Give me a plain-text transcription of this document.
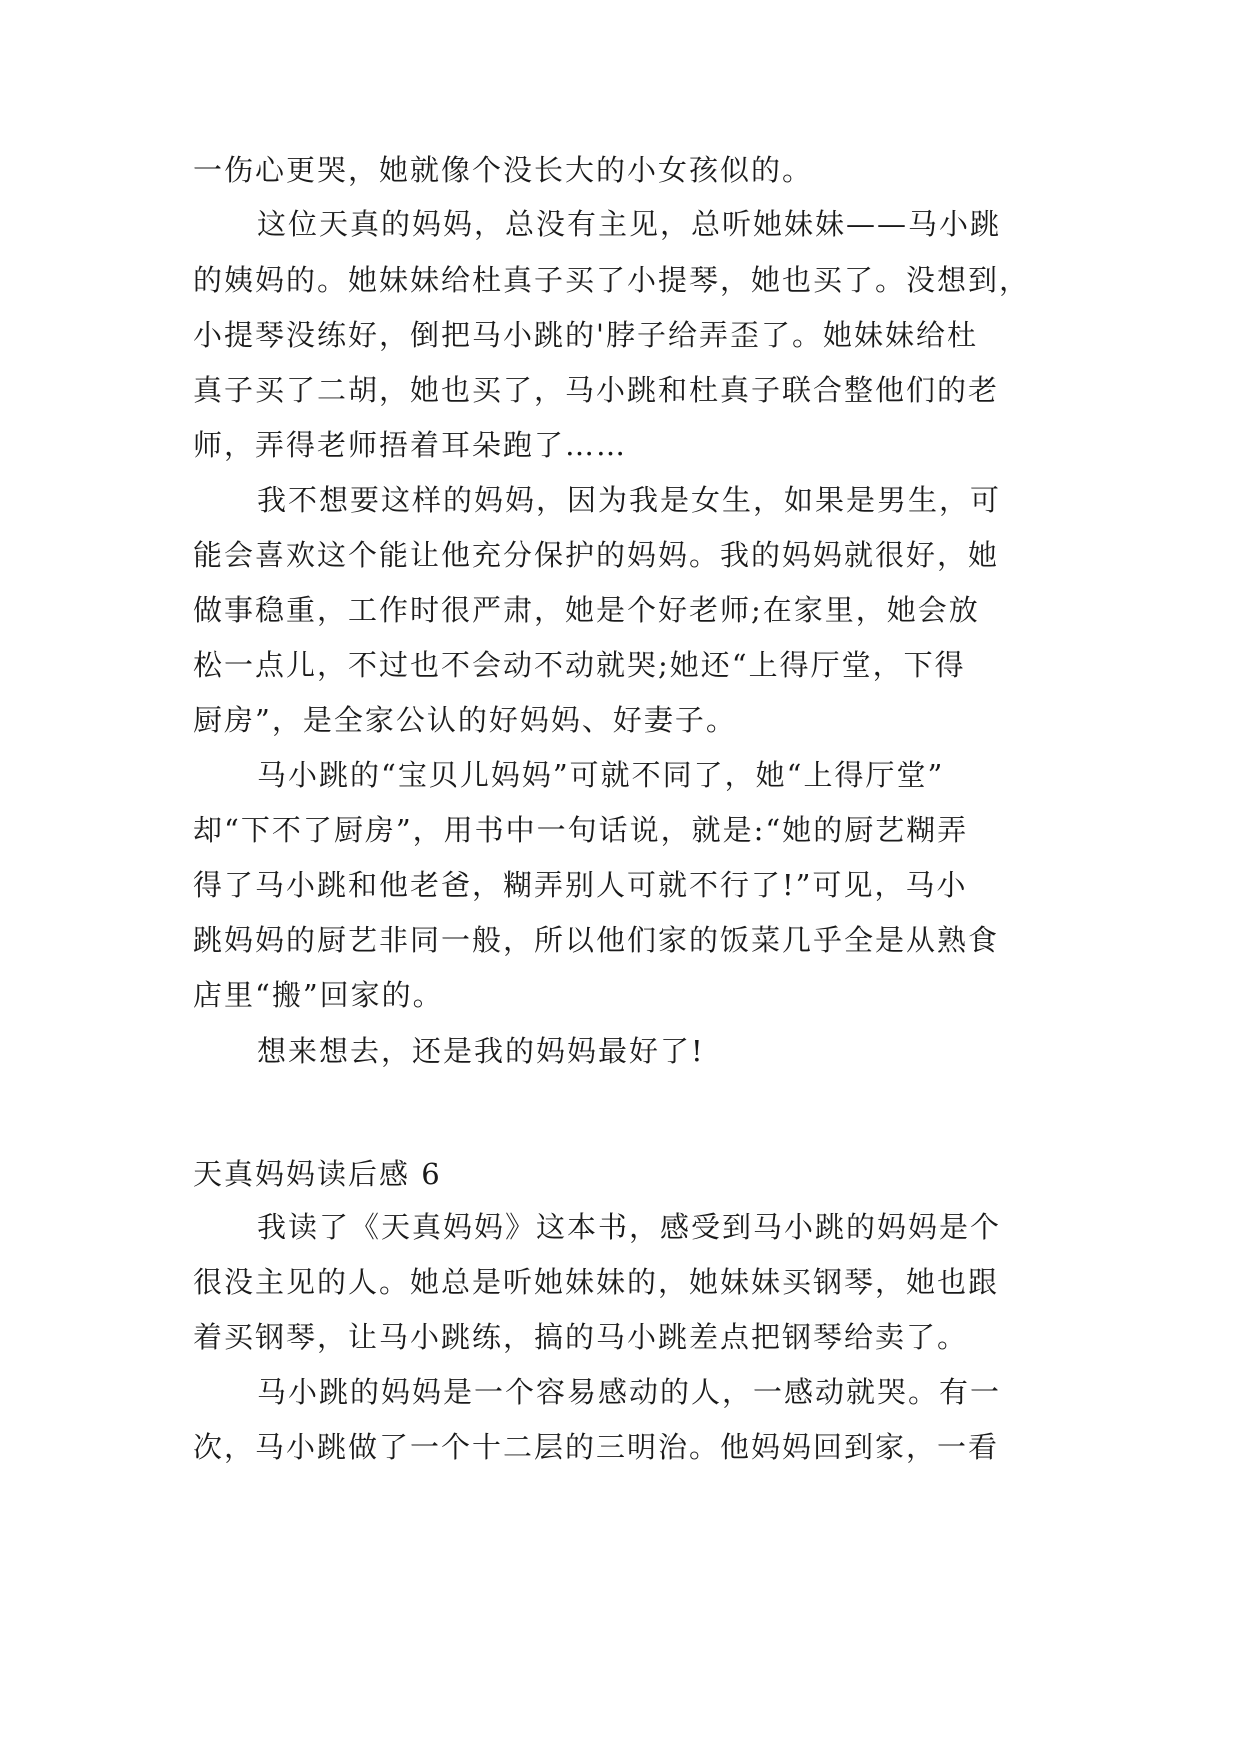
一伤心更哭，她就像个没长大的小女孩似的。
这位天真的妈妈，总没有主见，总听她妹妹——马小跳
的姨妈的。她妹妹给杜真子买了小提琴，她也买了。没想到，
小提琴没练好，倒把马小跳的'脖子给弄歪了。她妹妹给杜
真子买了二胡，她也买了，马小跳和杜真子联合整他们的老
师，弄得老师捂着耳朵跑了……
我不想要这样的妈妈，因为我是女生，如果是男生，可
能会喜欢这个能让他充分保护的妈妈。我的妈妈就很好，她
做事稳重，工作时很严肃，她是个好老师;在家里，她会放
松一点儿，不过也不会动不动就哭;她还“上得厅堂，下得
厨房”，是全家公认的好妈妈、好妻子。
马小跳的“宝贝儿妈妈”可就不同了，她“上得厅堂”
却“下不了厨房”，用书中一句话说，就是:“她的厨艺糊弄
得了马小跳和他老爸，糊弄别人可就不行了!”可见，马小
跳妈妈的厨艺非同一般，所以他们家的饭菜几乎全是从熟食
店里“搬”回家的。
想来想去，还是我的妈妈最好了!
天真妈妈读后感 6
我读了《天真妈妈》这本书，感受到马小跳的妈妈是个
很没主见的人。她总是听她妹妹的，她妹妹买钢琴，她也跟
着买钢琴，让马小跳练，搞的马小跳差点把钢琴给卖了。
马小跳的妈妈是一个容易感动的人，一感动就哭。有一
次，马小跳做了一个十二层的三明治。他妈妈回到家，一看
